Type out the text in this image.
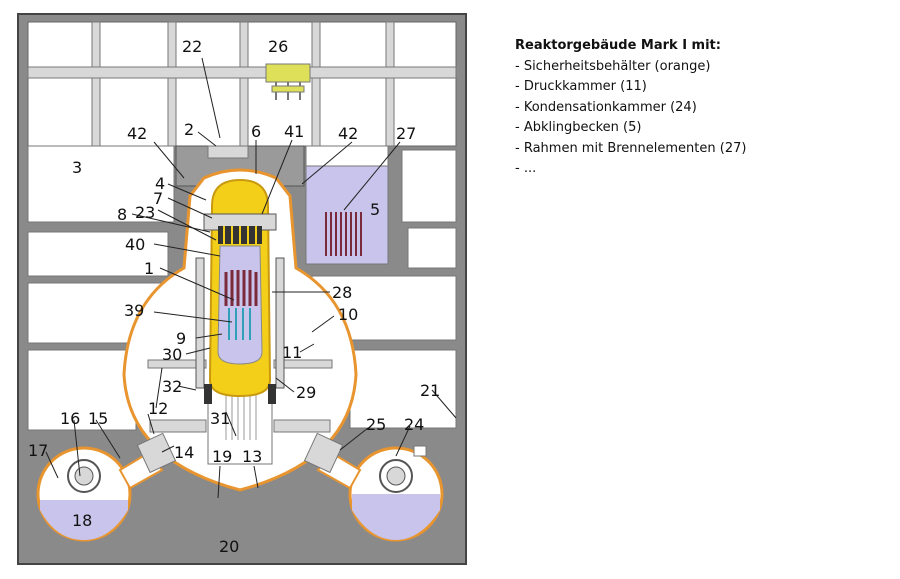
22	26
42 2	6 41 42 27
3
5
4
7
23
8
40
1
39
9
30
28
10
11
32	29	21
12
31
16 15	25 24
14
17	19 13
18
20
Reaktorgebäude Mark I mit:
- Sicherheitsbehälter (orange)
- Druckkammer (11)
- Kondensationkammer (24)
- Abklingbecken (5)
- Rahmen mit Brennelementen (27)
- ...
